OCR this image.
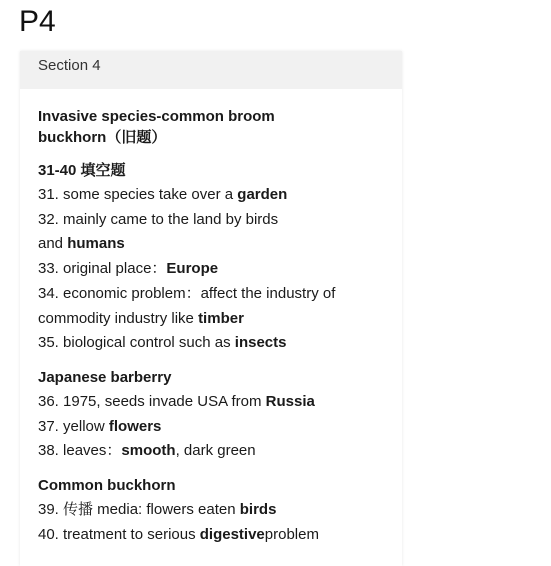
P4
Section 4
Invasive species-common broom
buckhorn（旧题）
31-40 填空题
31. some species take over a garden
32. mainly came to the land by birds
and humans
33. original place：Europe
34. economic problem：affect the industry of
commodity industry like timber
35. biological control such as insects
Japanese barberry
36. 1975, seeds invade USA from Russia
37. yellow flowers
38. leaves：smooth, dark green
Common buckhorn
39. 传播 media: flowers eaten birds
40. treatment to serious digestiveproblem
